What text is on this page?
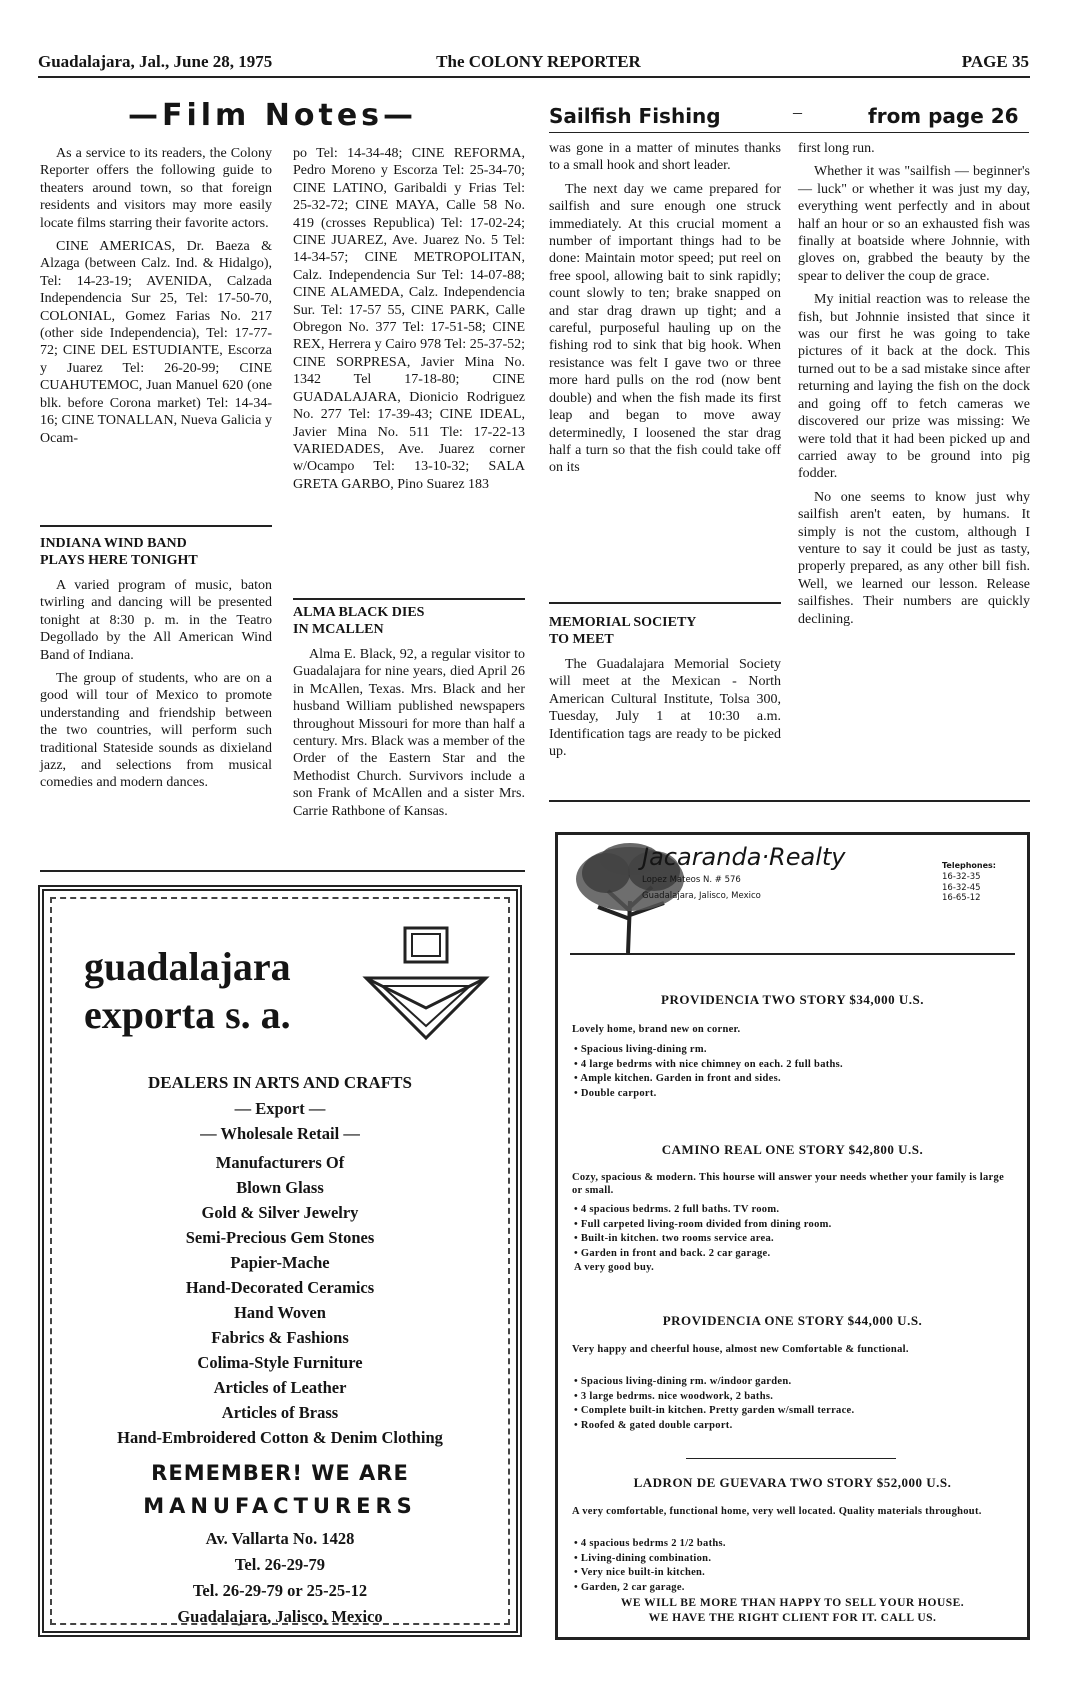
Guadalajara, Jal., June 28, 1975	The COLONY REPORTER	PAGE 35
—Film Notes—

As a service to its readers, the Colony Reporter offers the following guide to theaters around town, so that foreign residents and visitors may more easily locate films starring their favorite actors.

CINE AMERICAS, Dr. Baeza & Alzaga (between Calz. Ind. & Hidalgo), Tel: 14-23-19; AVENIDA, Calzada Independencia Sur 25, Tel: 17-50-70, COLONIAL, Gomez Farias No. 217 (other side Independencia), Tel: 17-77-72; CINE DEL ESTUDIANTE, Escorza y Juarez Tel: 26-20-99; CINE CUAHUTEMOC, Juan Manuel 620 (one blk. before Corona market) Tel: 14-34-16; CINE TONALLAN, Nueva Galicia y Ocam-

INDIANA WIND BAND
PLAYS HERE TONIGHT

A varied program of music, baton twirling and dancing will be presented tonight at 8:30 p. m. in the Teatro Degollado by the All American Wind Band of Indiana.

The group of students, who are on a good will tour of Mexico to promote understanding and friendship between the two countries, will perform such traditional Stateside sounds as dixieland jazz, and selections from musical comedies and modern dances.

po Tel: 14-34-48; CINE REFORMA, Pedro Moreno y Escorza Tel: 25-34-70; CINE LATINO, Garibaldi y Frias Tel: 25-32-72; CINE MAYA, Calle 58 No. 419 (crosses Republica) Tel: 17-02-24; CINE JUAREZ, Ave. Juarez No. 5 Tel: 14-34-57; CINE METROPOLITAN, Calz. Independencia Sur Tel: 14-07-88; CINE ALAMEDA, Calz. Independencia Sur. Tel: 17-57 55, CINE PARK, Calle Obregon No. 377 Tel: 17-51-58; CINE REX, Herrera y Cairo 978 Tel: 25-37-52; CINE SORPRESA, Javier Mina No. 1342 Tel 17-18-80; CINE GUADALAJARA, Dionicio Rodriguez No. 277 Tel: 17-39-43; CINE IDEAL, Javier Mina No. 511 Tle: 17-22-13 VARIEDADES, Ave. Juarez corner w/Ocampo Tel: 13-10-32; SALA GRETA GARBO, Pino Suarez 183

ALMA BLACK DIES
IN MCALLEN

Alma E. Black, 92, a regular visitor to Guadalajara for nine years, died April 26 in McAllen, Texas. Mrs. Black and her husband William published newspapers throughout Missouri for more than half a century. Mrs. Black was a member of the Order of the Eastern Star and the Methodist Church. Survivors include a son Frank of McAllen and a sister Mrs. Carrie Rathbone of Kansas.

Sailfish Fishing	–	from page 26

was gone in a matter of minutes thanks to a small hook and short leader.

The next day we came prepared for sailfish and sure enough one struck immediately. At this crucial moment a number of important things had to be done: Maintain motor speed; put reel on free spool, allowing bait to sink rapidly; count slowly to ten; brake snapped on and star drag drawn up tight; and a careful, purposeful hauling up on the fishing rod to sink that big hook. When resistance was felt I gave two or three more hard pulls on the rod (now bent double) and when the fish made its first leap and began to move away determinedly, I loosened the star drag half a turn so that the fish could take off on its

MEMORIAL SOCIETY
TO MEET

The Guadalajara Memorial Society will meet at the Mexican - North American Cultural Institute, Tolsa 300, Tuesday, July 1 at 10:30 a.m. Identification tags are ready to be picked up.

first long run.

Whether it was "sailfish — beginner's — luck" or whether it was just my day, everything went perfectly and in about half an hour or so an exhausted fish was finally at boatside where Johnnie, with gloves on, grabbed the beauty by the spear to deliver the coup de grace.

My initial reaction was to release the fish, but Johnnie insisted that since it was our first he was going to take pictures of it back at the dock. This turned out to be a sad mistake since after returning and laying the fish on the dock and going off to fetch cameras we discovered our prize was missing: We were told that it had been picked up and carried away to be ground into pig fodder.

No one seems to know just why sailfish aren't eaten, by humans. It simply is not the custom, although I venture to say it could be just as tasty, properly prepared, as any other bill fish. Well, we learned our lesson. Release sailfishes. Their numbers are quickly declining.

guadalajara
exporta s. a.
DEALERS IN ARTS AND CRAFTS
— Export —
— Wholesale Retail —
Manufacturers Of
Blown Glass
Gold & Silver Jewelry
Semi-Precious Gem Stones
Papier-Mache
Hand-Decorated Ceramics
Hand Woven
Fabrics & Fashions
Colima-Style Furniture
Articles of Leather
Articles of Brass
Hand-Embroidered Cotton & Denim Clothing
REMEMBER! WE ARE
MANUFACTURERS
Av. Vallarta No. 1428
Tel. 26-29-79
Tel. 26-29-79 or 25-25-12
Guadalajara, Jalisco, Mexico
Jacaranda·Realty
Lopez Mateos N. # 576
Guadalajara, Jalisco, Mexico
Telephones:
16-32-35
16-32-45
16-65-12
PROVIDENCIA TWO STORY $34,000 U.S.
Lovely home, brand new on corner.
• Spacious living-dining rm.
• 4 large bedrms with nice chimney on each. 2 full baths.
• Ample kitchen. Garden in front and sides.
• Double carport.
CAMINO REAL ONE STORY $42,800 U.S.
Cozy, spacious & modern. This hourse will answer your needs whether your family is large or small.
• 4 spacious bedrms. 2 full baths. TV room.
• Full carpeted living-room divided from dining room.
• Built-in kitchen. two rooms service area.
• Garden in front and back. 2 car garage.
A very good buy.
PROVIDENCIA ONE STORY $44,000 U.S.
Very happy and cheerful house, almost new Comfortable & functional.
• Spacious living-dining rm. w/indoor garden.
• 3 large bedrms. nice woodwork, 2 baths.
• Complete built-in kitchen. Pretty garden w/small terrace.
• Roofed & gated double carport.
LADRON DE GUEVARA TWO STORY $52,000 U.S.
A very comfortable, functional home, very well located. Quality materials throughout.
• 4 spacious bedrms 2 1/2 baths.
• Living-dining combination.
• Very nice built-in kitchen.
• Garden, 2 car garage.
WE WILL BE MORE THAN HAPPY TO SELL YOUR HOUSE.
WE HAVE THE RIGHT CLIENT FOR IT. CALL US.
